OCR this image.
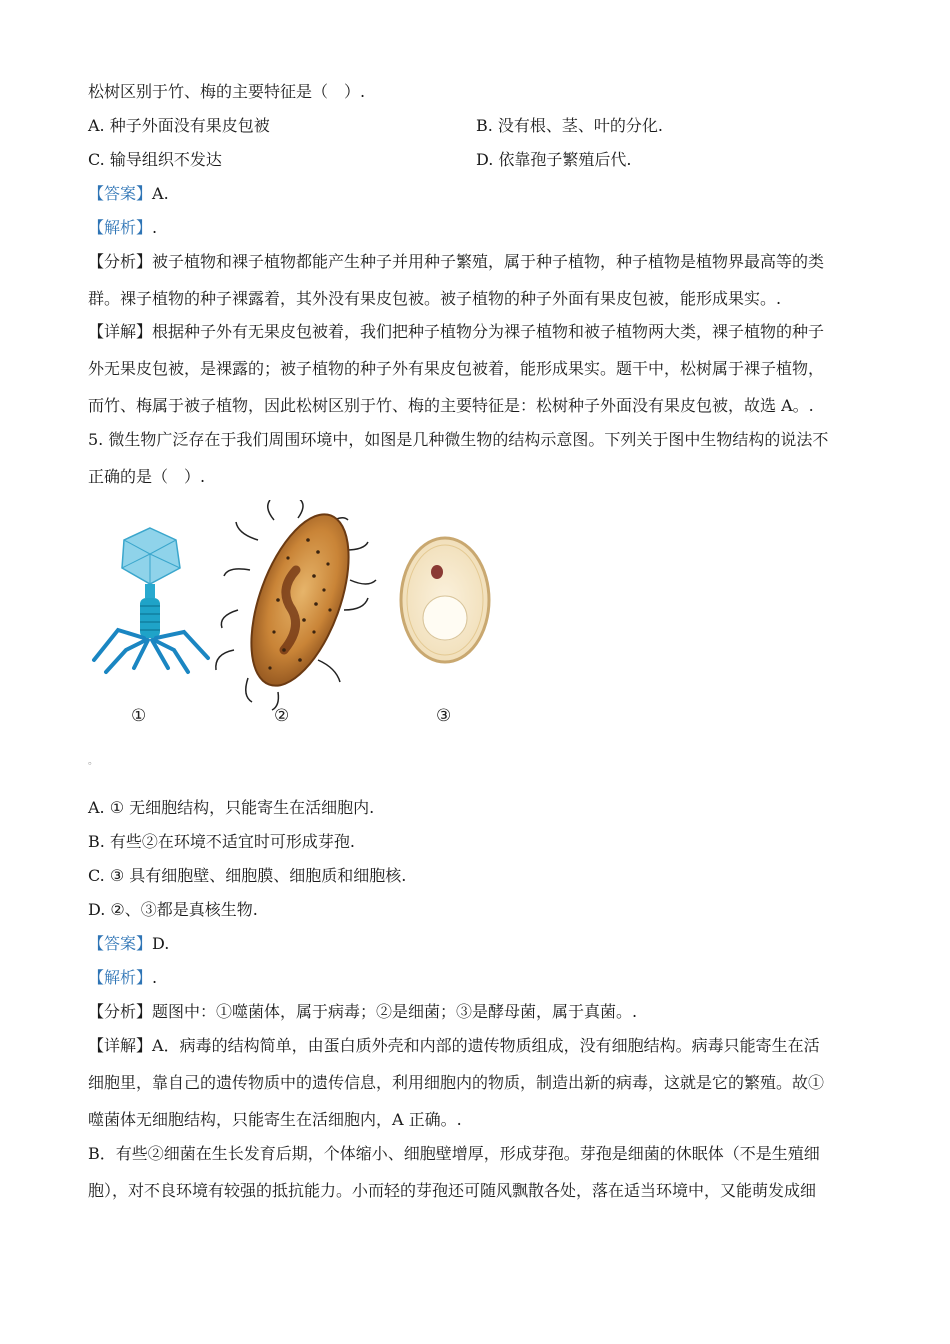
松树区别于竹、梅的主要特征是（　）.
A. 种子外面没有果皮包被	B. 没有根、茎、叶的分化.
C. 输导组织不发达	D. 依靠孢子繁殖后代.
【答案】A.
【解析】.
【分析】被子植物和裸子植物都能产生种子并用种子繁殖，属于种子植物，种子植物是植物界最高等的类
群。裸子植物的种子裸露着，其外没有果皮包被。被子植物的种子外面有果皮包被，能形成果实。.
【详解】根据种子外有无果皮包被着，我们把种子植物分为裸子植物和被子植物两大类，裸子植物的种子
外无果皮包被，是裸露的；被子植物的种子外有果皮包被着，能形成果实。题干中，松树属于裸子植物，
而竹、梅属于被子植物，因此松树区别于竹、梅的主要特征是：松树种子外面没有果皮包被，故选 A。.
5. 微生物广泛存在于我们周围环境中，如图是几种微生物的结构示意图。下列关于图中生物结构的说法不
正确的是（　）.
①	②	③
。
A. ① 无细胞结构，只能寄生在活细胞内.
B. 有些②在环境不适宜时可形成芽孢.
C. ③ 具有细胞壁、细胞膜、细胞质和细胞核.
D. ②、③都是真核生物.
【答案】D.
【解析】.
【分析】题图中：①噬菌体，属于病毒；②是细菌；③是酵母菌，属于真菌。.
【详解】A．病毒的结构简单，由蛋白质外壳和内部的遗传物质组成，没有细胞结构。病毒只能寄生在活
细胞里，靠自己的遗传物质中的遗传信息，利用细胞内的物质，制造出新的病毒，这就是它的繁殖。故①
噬菌体无细胞结构，只能寄生在活细胞内，A 正确。.
B．有些②细菌在生长发育后期，个体缩小、细胞壁增厚，形成芽孢。芽孢是细菌的休眠体（不是生殖细
胞），对不良环境有较强的抵抗能力。小而轻的芽孢还可随风飘散各处，落在适当环境中，又能萌发成细
